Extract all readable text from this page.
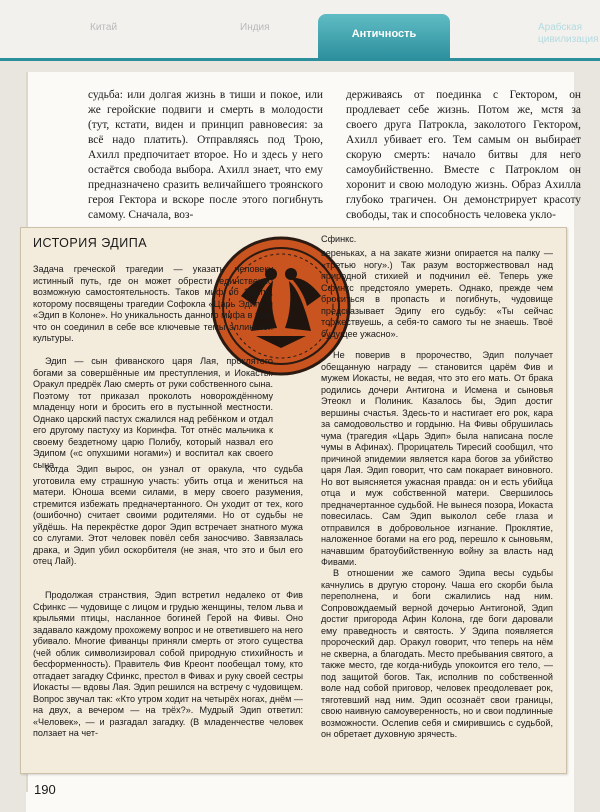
Китай	Индия
Античность
Арабская цивилизация
судьба: или долгая жизнь в тиши и покое, или же геройские подвиги и смерть в молодости (тут, кстати, виден и принцип равновесия: за всё надо платить). Отправляясь под Трою, Ахилл предпочитает второе. Но и здесь у него остаётся свобода выбора. Ахилл знает, что ему предназначено сразить величайшего троянского героя Гектора и вскоре после этого погибнуть самому. Сначала, воз-
держиваясь от поединка с Гектором, он продлевает себе жизнь. Потом же, мстя за своего друга Патрокла, заколотого Гектором, Ахилл убивает его. Тем самым он выбирает скорую смерть: начало битвы для него самоубийственно. Вместе с Патроклом он хоронит и свою молодую жизнь. Образ Ахилла глубоко трагичен. Он демонстрирует красоту свободы, так и способность человека укло-
ИСТОРИЯ ЭДИПА	Сфинкс.
Задача греческой трагедии — указать человеку истинный путь, где он может обрести единственно возможную самостоятельность. Таков миф об Эдипе, которому посвящены трагедии Софокла «Царь Эдип» и «Эдип в Колоне». Но уникальность данного мифа в том, что он соединил в себе все ключевые темы эллинской культуры.
Эдип — сын фиванского царя Лая, проклятого богами за совершённые им преступления, и Иокасты. Оракул предрёк Лаю смерть от руки собственного сына. Поэтому тот приказал проколоть новорождённому младенцу ноги и бросить его в пустынной местности. Однако царский пастух сжалился над ребёнком и отдал его другому пастуху из Коринфа. Тот отнёс мальчика к своему бездетному царю Полибу, который назвал его Эдипом («с опухшими ногами») и воспитал как своего сына.
Когда Эдип вырос, он узнал от оракула, что судьба уготовила ему страшную участь: убить отца и жениться на матери. Юноша всеми силами, в меру своего разумения, стремится избежать предначертанного. Он уходит от тех, кого (ошибочно) считает своими родителями. Но от судьбы не уйдёшь. На перекрёстке дорог Эдип встречает знатного мужа со слугами. Этот человек повёл себя заносчиво. Завязалась драка, и Эдип убил оскорбителя (не зная, что это и был его отец Лай).
Продолжая странствия, Эдип встретил недалеко от Фив Сфинкс — чудовище с лицом и грудью женщины, телом льва и крыльями птицы, насланное богиней Герой на Фивы. Оно задавало каждому прохожему вопрос и не ответившего на него убивало. Многие фиванцы приняли смерть от этого существа (чей облик символизировал собой природную стихийность и бесформенность). Правитель Фив Креонт пообещал тому, кто отгадает загадку Сфинкс, престол в Фивах и руку своей сестры Иокасты — вдовы Лая. Эдип решился на встречу с чудовищем. Вопрос звучал так: «Кто утром ходит на четырёх ногах, днём — на двух, а вечером — на трёх?». Мудрый Эдип ответил: «Человек», — и разгадал загадку. (В младенчестве человек ползает на чет-
вереньках, а на закате жизни опирается на палку — «третью ногу».) Так разум восторжествовал над природной стихией и подчинил её. Теперь уже Сфинкс предстояло умереть. Однако, прежде чем броситься в пропасть и погибнуть, чудовище предсказывает Эдипу его судьбу: «Ты сейчас торжествуешь, а себя-то самого ты не знаешь. Твоё будущее ужасно».
Не поверив в пророчество, Эдип получает обещанную награду — становится царём Фив и мужем Иокасты, не ведая, что это его мать. От брака родились дочери Антигона и Исмена и сыновья Этеокл и Полиник. Казалось бы, Эдип достиг вершины счастья. Здесь-то и настигает его рок, кара за самодовольство и гордыню. На Фивы обрушилась чума (трагедия «Царь Эдип» была написана после чумы в Афинах). Прорицатель Тиресий сообщил, что причиной эпидемии является кара богов за убийство царя Лая. Эдип говорит, что сам покарает виновного. Но вот выясняется ужасная правда: он и есть убийца отца и муж собственной матери. Свершилось предначертанное судьбой. Не вынеся позора, Иокаста повесилась. Сам Эдип выколол себе глаза и отправился в добровольное изгнание. Проклятие, наложенное богами на его род, перешло к сыновьям, начавшим братоубийственную войну за власть над Фивами.
В отношении же самого Эдипа весы судьбы качнулись в другую сторону. Чаша его скорби была переполнена, и боги сжалились над ним. Сопровождаемый верной дочерью Антигоной, Эдип достиг пригорода Афин Колона, где боги даровали ему праведность и святость. У Эдипа появляется пророческий дар. Оракул говорит, что теперь на нём не скверна, а благодать. Место пребывания святого, а также место, где когда-нибудь упокоится его тело, — под защитой богов. Так, исполнив по собственной воле над собой приговор, человек преодолевает рок, тяготевший над ним. Эдип осознаёт свои границы, свою наивную самоуверенность, но и свои подлинные возможности. Ослепив себя и смирившись с судьбой, он обретает духовную зрячесть.
190
